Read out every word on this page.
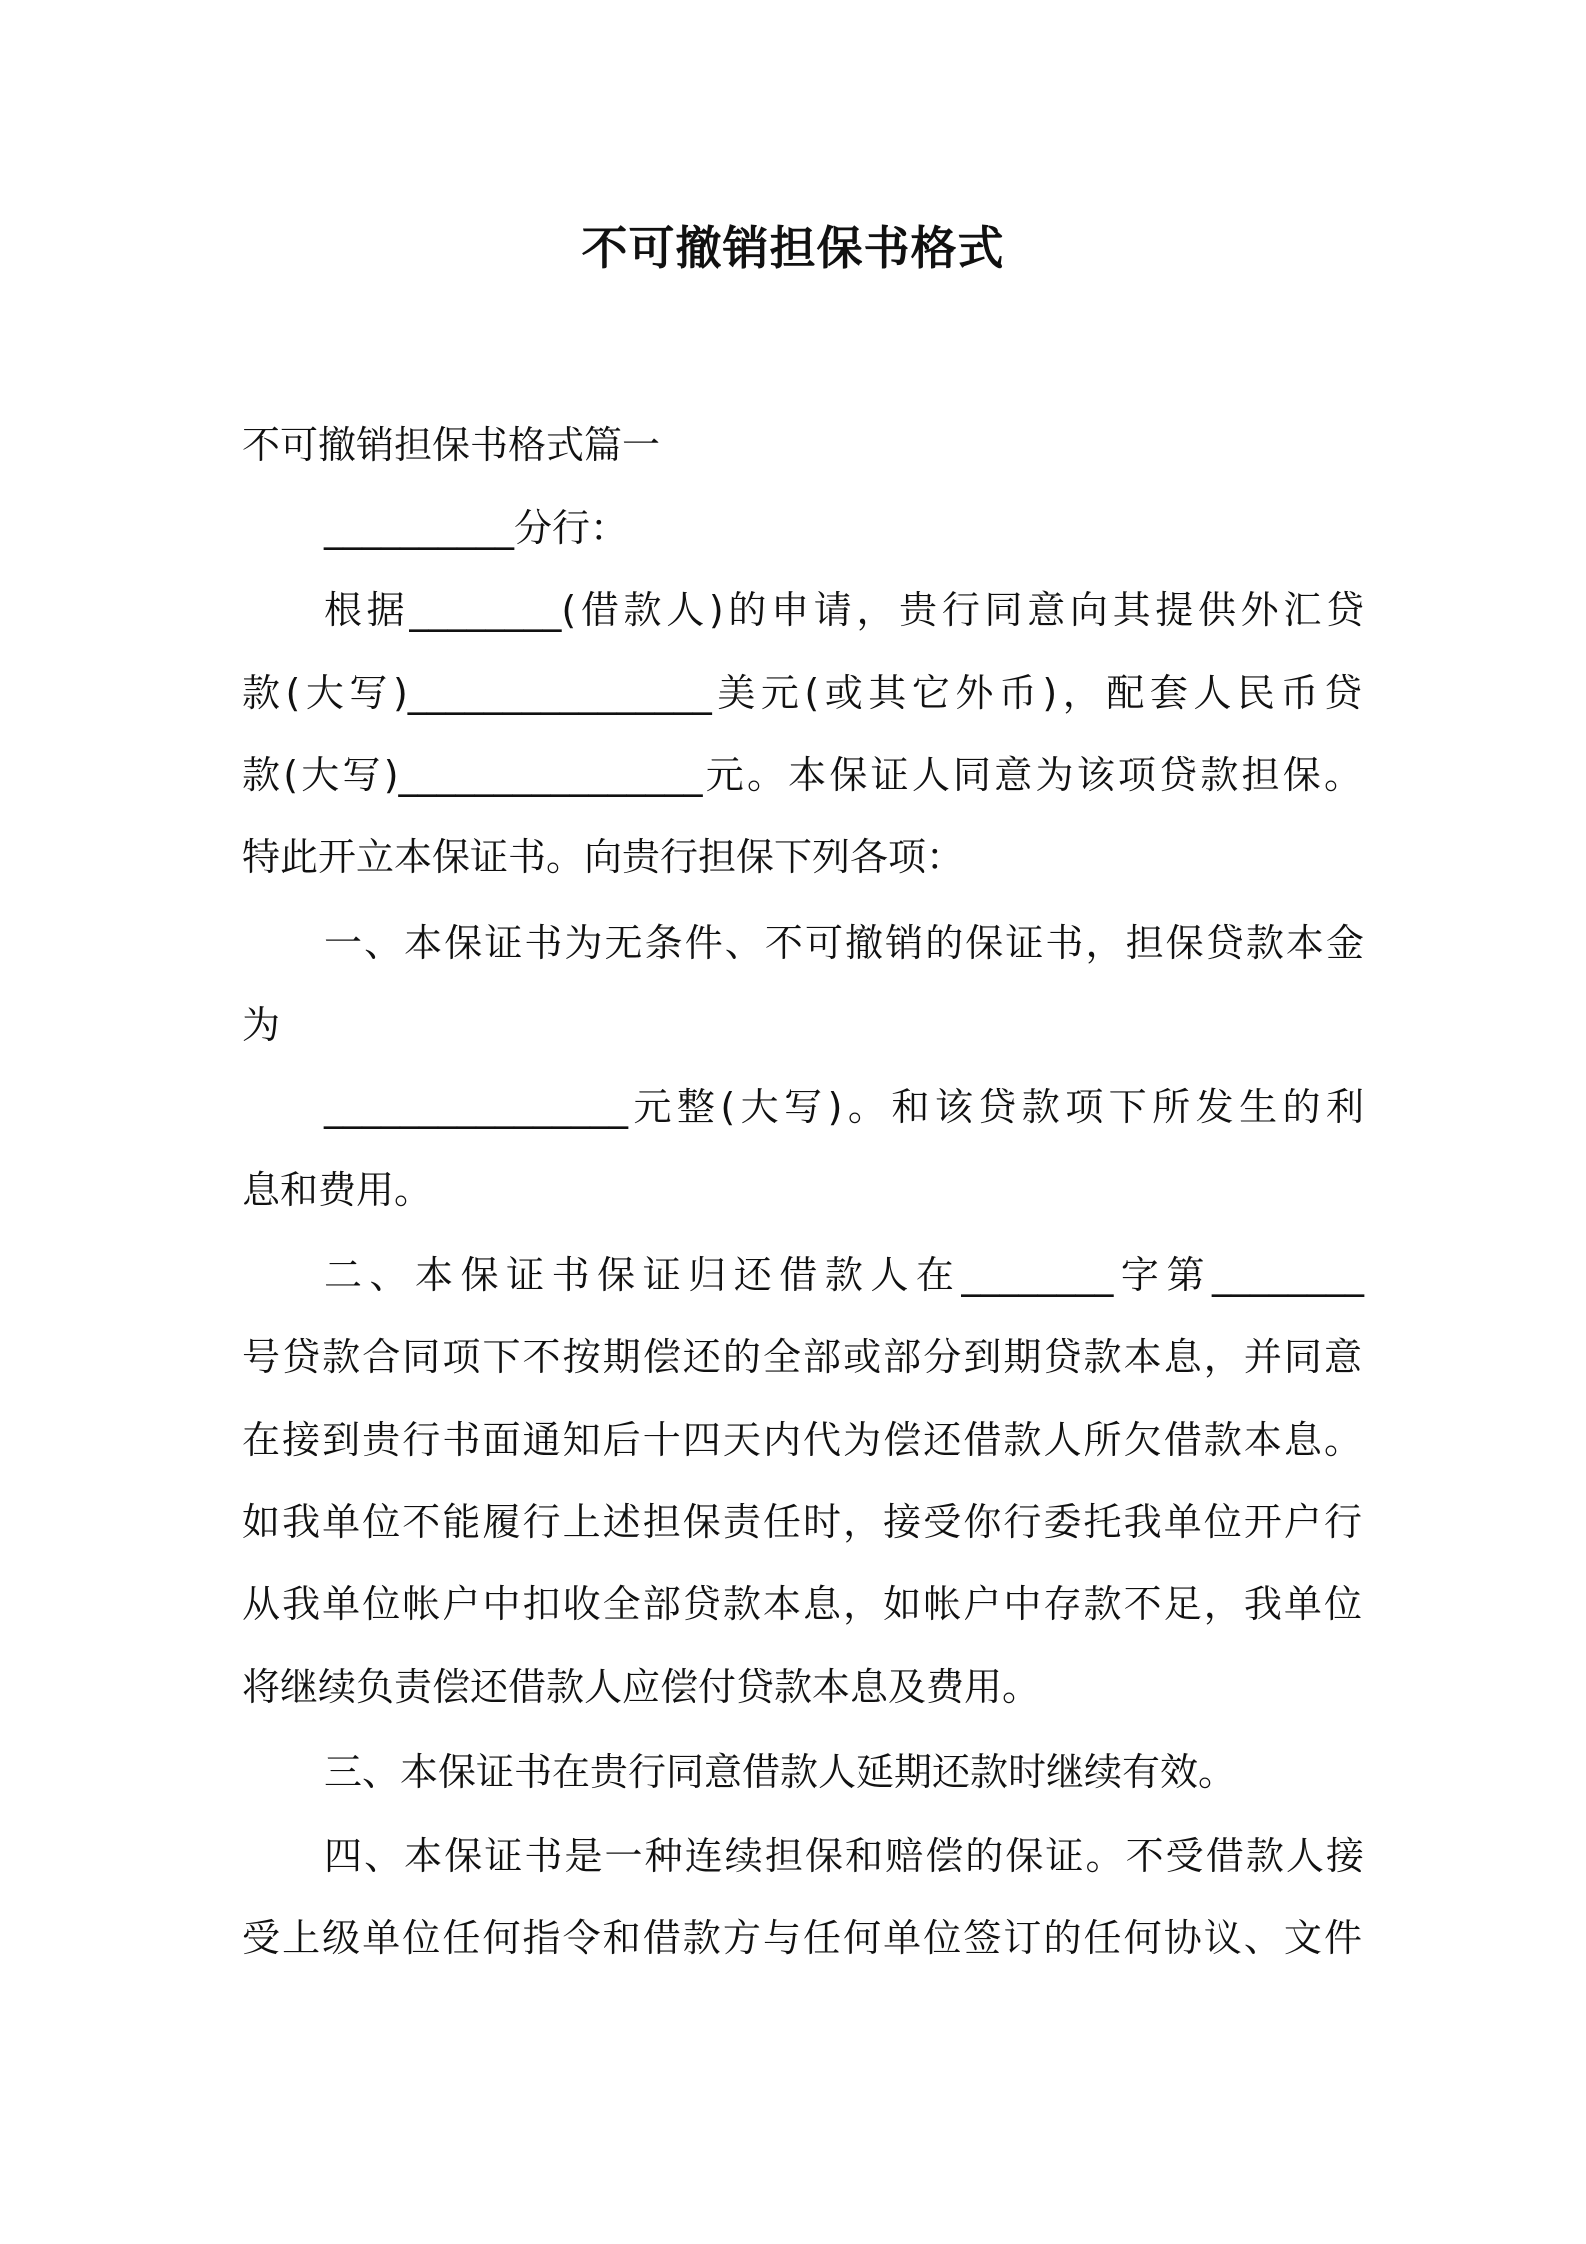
不可撤销担保书格式

不可撤销担保书格式篇一

__________分行：

根据________(借款人)的申请，贵行同意向其提供外汇贷

款(大写)________________美元(或其它外币)，配套人民币贷

款(大写)________________元。本保证人同意为该项贷款担保。

特此开立本保证书。向贵行担保下列各项：

一、本保证书为无条件、不可撤销的保证书，担保贷款本金

为

________________元整(大写)。和该贷款项下所发生的利

息和费用。

二、本保证书保证归还借款人在________字第________

号贷款合同项下不按期偿还的全部或部分到期贷款本息，并同意

在接到贵行书面通知后十四天内代为偿还借款人所欠借款本息。

如我单位不能履行上述担保责任时，接受你行委托我单位开户行

从我单位帐户中扣收全部贷款本息，如帐户中存款不足，我单位

将继续负责偿还借款人应偿付贷款本息及费用。

三、本保证书在贵行同意借款人延期还款时继续有效。

四、本保证书是一种连续担保和赔偿的保证。不受借款人接

受上级单位任何指令和借款方与任何单位签订的任何协议、文件
